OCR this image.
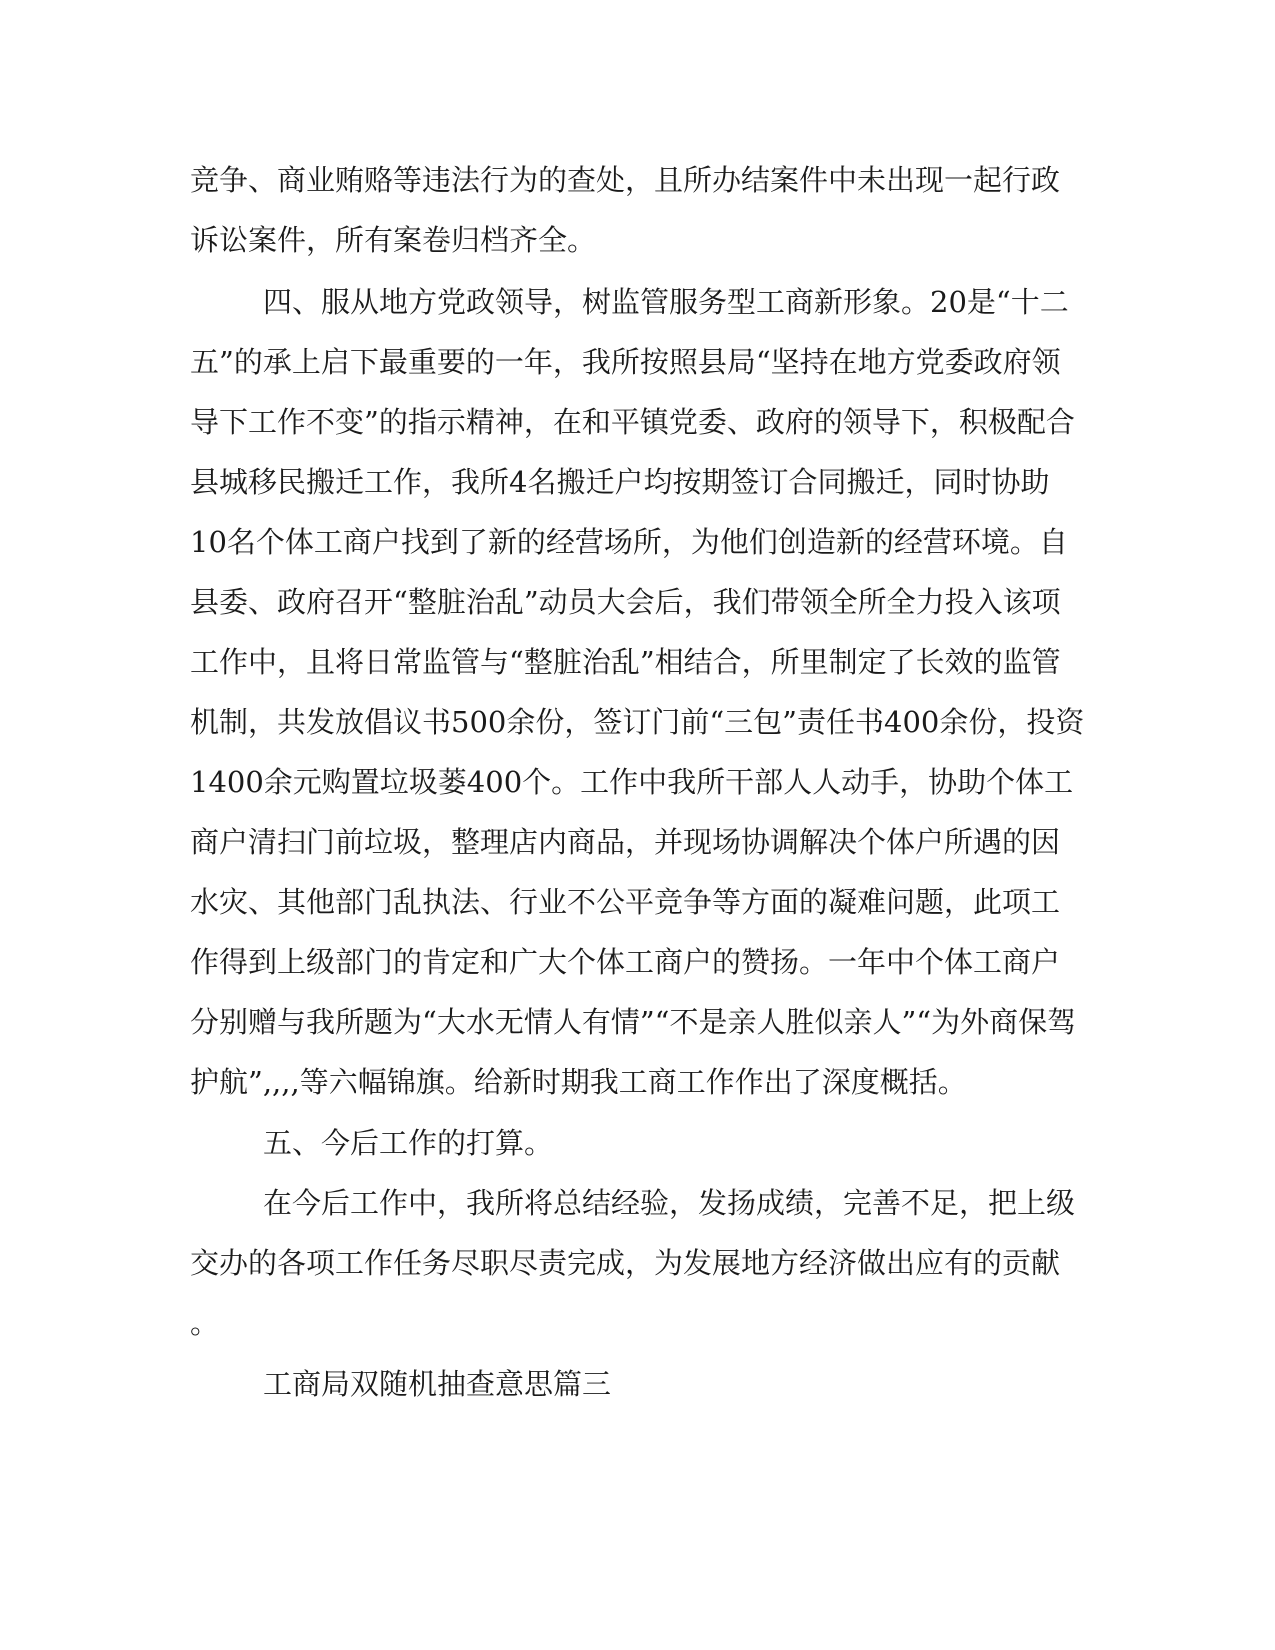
竞争、商业贿赂等违法行为的查处，且所办结案件中未出现一起行政
诉讼案件，所有案卷归档齐全。
四、服从地方党政领导，树监管服务型工商新形象。20是“十二
五”的承上启下最重要的一年，我所按照县局“坚持在地方党委政府领
导下工作不变”的指示精神，在和平镇党委、政府的领导下，积极配合
县城移民搬迁工作，我所4名搬迁户均按期签订合同搬迁，同时协助
10名个体工商户找到了新的经营场所，为他们创造新的经营环境。自
县委、政府召开“整脏治乱”动员大会后，我们带领全所全力投入该项
工作中，且将日常监管与“整脏治乱”相结合，所里制定了长效的监管
机制，共发放倡议书500余份，签订门前“三包”责任书400余份，投资
1400余元购置垃圾蒌400个。工作中我所干部人人动手，协助个体工
商户清扫门前垃圾，整理店内商品，并现场协调解决个体户所遇的因
水灾、其他部门乱执法、行业不公平竞争等方面的凝难问题，此项工
作得到上级部门的肯定和广大个体工商户的赞扬。一年中个体工商户
分别赠与我所题为“大水无情人有情”“不是亲人胜似亲人”“为外商保驾
护航”,,,,等六幅锦旗。给新时期我工商工作作出了深度概括。
五、今后工作的打算。
在今后工作中，我所将总结经验，发扬成绩，完善不足，把上级
交办的各项工作任务尽职尽责完成，为发展地方经济做出应有的贡献
。
工商局双随机抽查意思篇三
